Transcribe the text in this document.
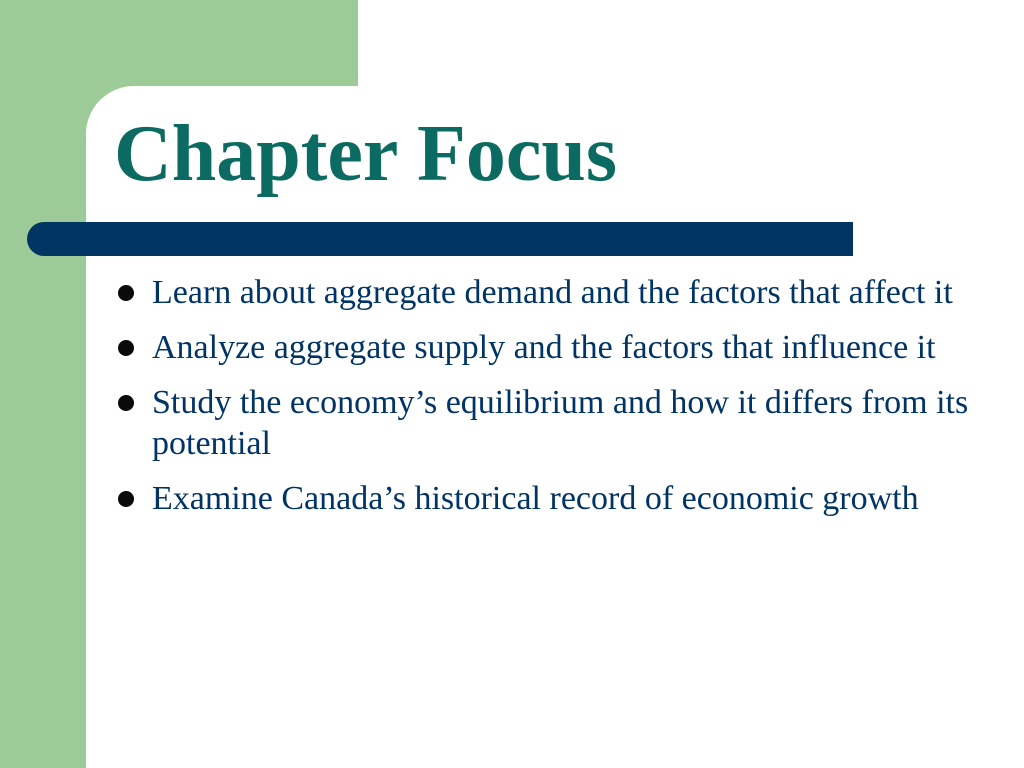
Chapter Focus
Learn about aggregate demand and the factors that affect it
Analyze aggregate supply and the factors that influence it
Study the economy’s equilibrium and how it differs from its potential
Examine Canada’s historical record of economic growth
